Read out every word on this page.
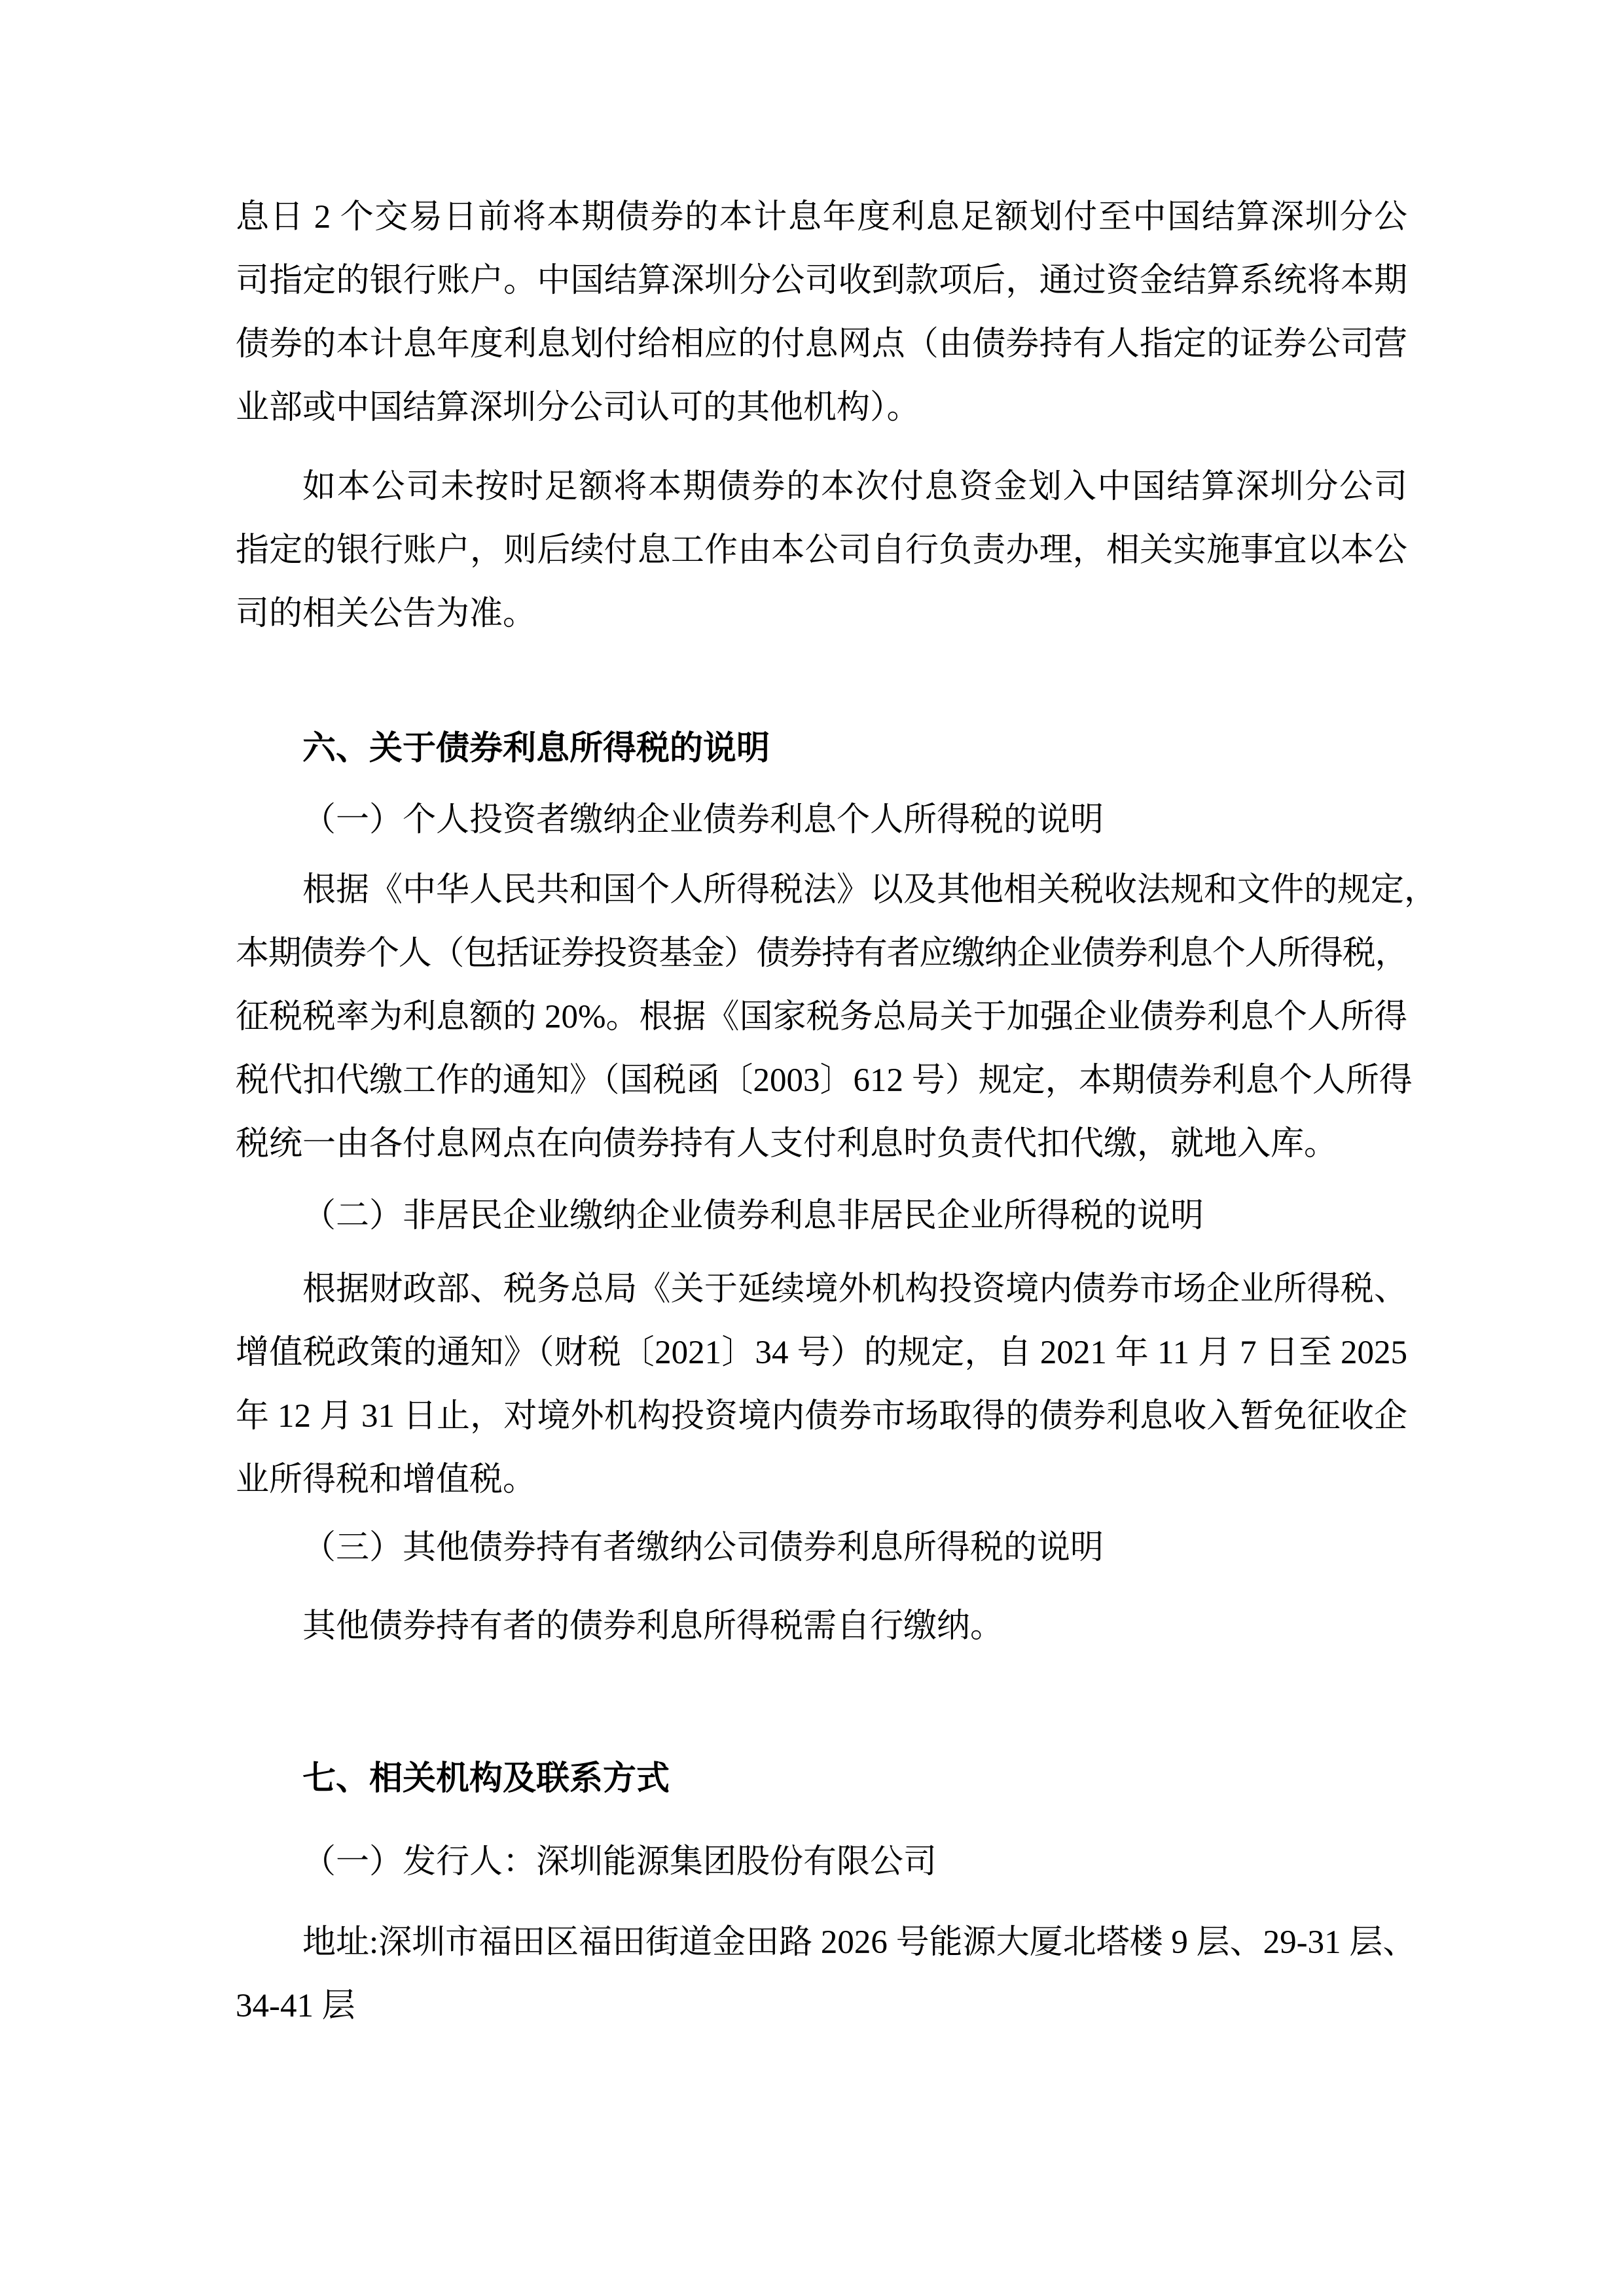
息日 2 个交易日前将本期债券的本计息年度利息足额划付至中国结算深圳分公
司指定的银行账户。中国结算深圳分公司收到款项后，通过资金结算系统将本期
债券的本计息年度利息划付给相应的付息网点（由债券持有人指定的证券公司营
业部或中国结算深圳分公司认可的其他机构）。
如本公司未按时足额将本期债券的本次付息资金划入中国结算深圳分公司
指定的银行账户，则后续付息工作由本公司自行负责办理，相关实施事宜以本公
司的相关公告为准。
六、关于债券利息所得税的说明
（一）个人投资者缴纳企业债券利息个人所得税的说明
根据《中华人民共和国个人所得税法》以及其他相关税收法规和文件的规定，
本期债券个人（包括证券投资基金）债券持有者应缴纳企业债券利息个人所得税，
征税税率为利息额的 20%。根据《国家税务总局关于加强企业债券利息个人所得
税代扣代缴工作的通知》（国税函〔2003〕612 号）规定，本期债券利息个人所得
税统一由各付息网点在向债券持有人支付利息时负责代扣代缴，就地入库。
（二）非居民企业缴纳企业债券利息非居民企业所得税的说明
根据财政部、税务总局《关于延续境外机构投资境内债券市场企业所得税、
增值税政策的通知》（财税〔2021〕34 号）的规定，自 2021 年 11 月 7 日至 2025
年 12 月 31 日止，对境外机构投资境内债券市场取得的债券利息收入暂免征收企
业所得税和增值税。
（三）其他债券持有者缴纳公司债券利息所得税的说明
其他债券持有者的债券利息所得税需自行缴纳。
七、相关机构及联系方式
（一）发行人：深圳能源集团股份有限公司
地址:深圳市福田区福田街道金田路 2026 号能源大厦北塔楼 9 层、29-31 层、
34-41 层
